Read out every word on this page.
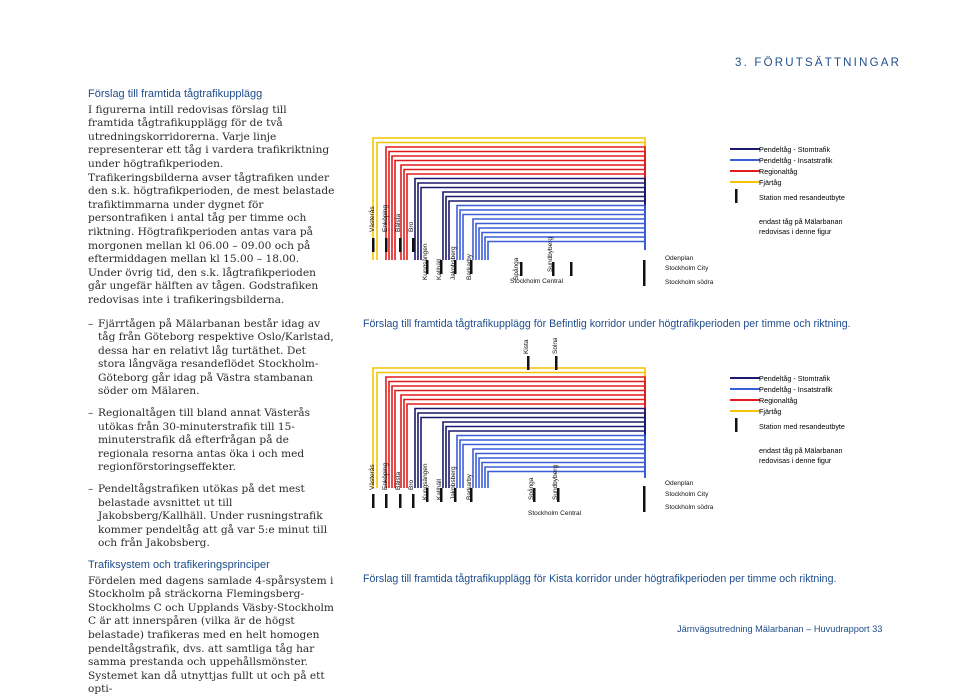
3. FÖRUTSÄTTNINGAR

Förslag till framtida tågtrafikupplägg

I figurerna intill redovisas förslag till framtida tågtrafikupplägg för de två utredningskorridorerna. Varje linje representerar ett tåg i vardera trafikriktning under högtrafikperioden. Trafikeringsbilderna avser tågtrafiken under den s.k. högtrafikperioden, de mest belastade trafiktimmarna under dygnet för persontrafiken i antal tåg per timme och riktning. Högtrafikperioden antas vara på morgonen mellan kl 06.00 – 09.00 och på eftermiddagen mellan kl 15.00 – 18.00. Under övrig tid, den s.k. lågtrafikperioden går ungefär hälften av tågen. Godstrafiken redovisas inte i trafikeringsbilderna.

– Fjärrtågen på Mälarbanan består idag av tåg från Göteborg respektive Oslo/Karlstad, dessa har en relativt låg turtäthet. Det stora långväga resandeflödet Stockholm-Göteborg går idag på Västra stambanan söder om Mälaren.
– Regionaltågen till bland annat Västerås utökas från 30-minuterstrafik till 15-minuterstrafik då efterfrågan på de regionala resorna antas öka i och med regionförstoringseffekter.
– Pendeltågstrafiken utökas på det mest belastade avsnittet ut till Jakobsberg/Kallhäll. Under rusningstrafik kommer pendeltåg att gå var 5:e minut till och från Jakobsberg.

Trafiksystem och trafikeringsprinciper

Fördelen med dagens samlade 4-spårsystem i Stockholm på sträckorna Flemingsberg-Stockholms C och Upplands Väsby-Stockholm C är att innerspåren (vilka är de högst belastade) trafikeras med en helt homogen pendeltågstrafik, dvs. att samtliga tåg har samma prestanda och uppehållsmönster. Systemet kan då utnyttjas fullt ut och på ett opti-

Västerås Enköping Bålsta Bro
Kungsängen Kallhäll Jakobsberg Barkarby	Spånga	Sundbyberg
Stockholm Central
Odenplan
Stockholm City
Stockholm södra
Pendeltåg - Stomtrafik
Pendeltåg - Insatstrafik
Regionaltåg
Fjärtåg
Station med resandeutbyte
endast tåg på Mälarbanan
redovisas i denne figur
Förslag till framtida tågtrafikupplägg för Befintlig korridor under högtrafikperioden per timme och riktning.
Kista	Solna
Västerås Enköping Bålsta Bro Kungsängen Kallhäll Jakobsberg Barkarby	Spånga	Sundbyberg
Stockholm Central
Odenplan
Stockholm City
Stockholm södra
Pendeltåg - Stomtrafik
Pendeltåg - Insatstrafik
Regionaltåg
Fjärtåg
Station med resandeutbyte
endast tåg på Mälarbanan
redovisas i denne figur
Förslag till framtida tågtrafikupplägg för Kista korridor under högtrafikperioden per timme och riktning.
Järnvägsutredning Mälarbanan – Huvudrapport 33
